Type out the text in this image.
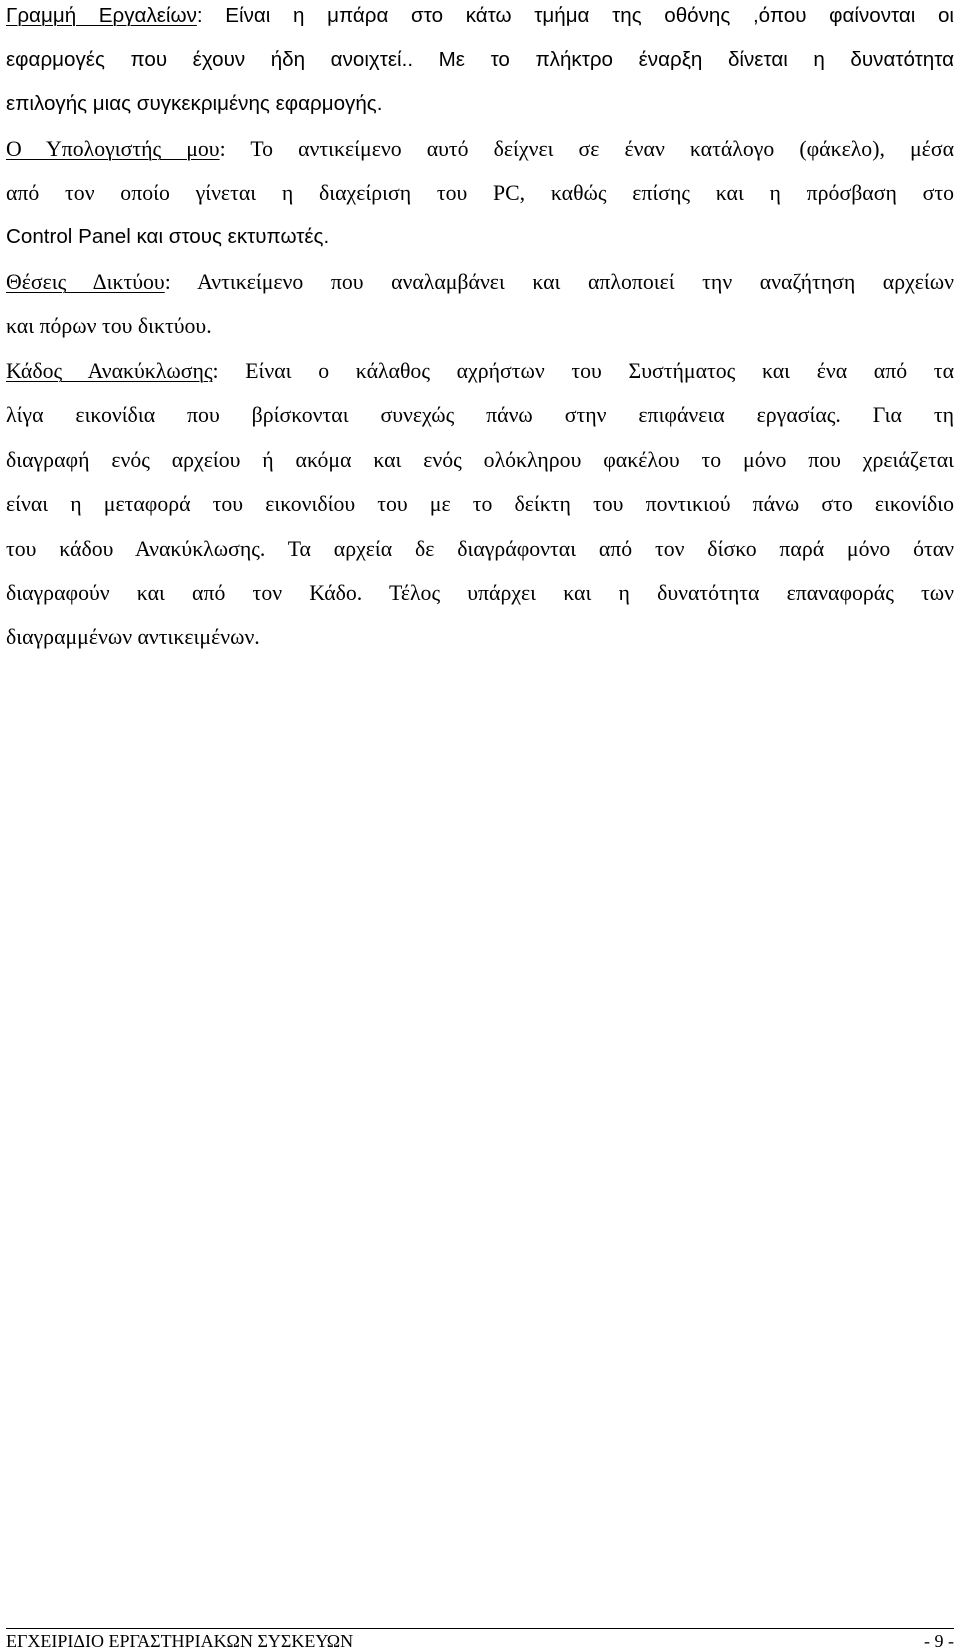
Γραμμή Εργαλείων: Είναι η μπάρα στο κάτω τμήμα της οθόνης ,όπου φαίνονται οι
εφαρμογές που έχουν ήδη ανοιχτεί.. Με το πλήκτρο έναρξη δίνεται η δυνατότητα
επιλογής μιας συγκεκριμένης εφαρμογής.
Ο Υπολογιστής μου: Το αντικείμενο αυτό δείχνει σε έναν κατάλογο (φάκελο), μέσα
από τον οποίο γίνεται η διαχείριση του PC, καθώς επίσης και η πρόσβαση στο
Control Panel και στους εκτυπωτές.
Θέσεις Δικτύου: Αντικείμενο που αναλαμβάνει και απλοποιεί την αναζήτηση αρχείων
και πόρων του δικτύου.
Κάδος Ανακύκλωσης: Είναι ο κάλαθος αχρήστων του Συστήματος και ένα από τα
λίγα εικονίδια που βρίσκονται συνεχώς πάνω στην επιφάνεια εργασίας. Για τη
διαγραφή ενός αρχείου ή ακόμα και ενός ολόκληρου φακέλου το μόνο που χρειάζεται
είναι η μεταφορά του εικονιδίου του με το δείκτη του ποντικιού πάνω στο εικονίδιο
του κάδου Ανακύκλωσης. Τα αρχεία δε διαγράφονται από τον δίσκο παρά μόνο όταν
διαγραφούν και από τον Κάδο. Τέλος υπάρχει και η δυνατότητα επαναφοράς των
διαγραμμένων αντικειμένων.
ΕΓΧΕΙΡΙΔΙΟ ΕΡΓΑΣΤΗΡΙΑΚΩΝ ΣΥΣΚΕΥΩΝ	- 9 -
